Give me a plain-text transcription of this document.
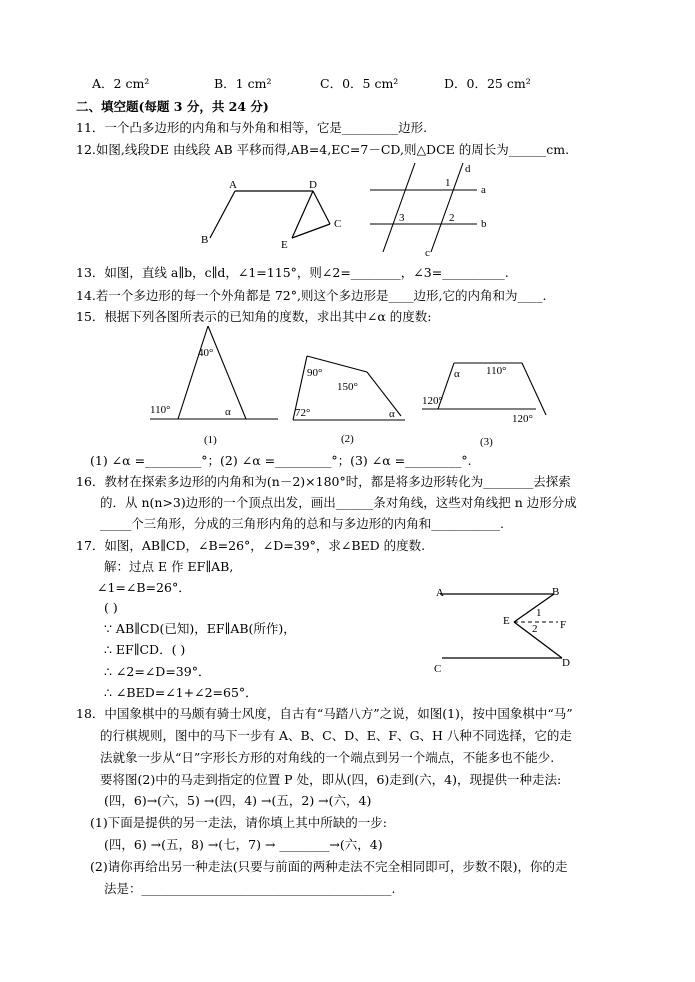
A．2 cm²	B．1 cm²	C．0．5 cm²	D．0．25 cm²
二、填空题(每题 3 分，共 24 分)
11．一个凸多边形的内角和与外角和相等，它是_________边形.
12.如图,线段DE 由线段 AB 平移而得,AB=4,EC=7－CD,则△DCE 的周长为______cm.
A	D
B	E
C
d
a
b
c
1
2
3
13．如图，直线 a∥b，c∥d，∠1=115°，则∠2=________，∠3=__________.
14.若一个多边形的每一个外角都是 72°,则这个多边形是____边形,它的内角和为____.
15．根据下列各图所表示的已知角的度数，求出其中∠α 的度数:
40°
110°	α
(1)
90°
150°
72°	α
(2)
α 110°
120°
120°
(3)
(1) ∠α =_________°；(2) ∠α =_________°；(3) ∠α =_________°.
16．教材在探索多边形的内角和为(n－2)×180°时，都是将多边形转化为________去探索
的．从 n(n>3)边形的一个顶点出发，画出______条对角线，这些对角线把 n 边形分成
_____个三角形，分成的三角形内角的总和与多边形的内角和___________.
17．如图，AB∥CD，∠B=26°，∠D=39°，求∠BED 的度数.
解：过点 E 作 EF∥AB,
∠1=∠B=26°．
( )
∵ AB∥CD(已知)，EF∥AB(所作)，
∴ EF∥CD．( )
∴ ∠2=∠D=39°．
∴ ∠BED=∠1+∠2=65°．
A	B
E	F
C	D
1
2
18．中国象棋中的马颇有骑士风度，自古有“马踏八方”之说，如图(1)，按中国象棋中“马”
的行棋规则，图中的马下一步有 A、B、C、D、E、F、G、H 八种不同选择，它的走
法就象一步从“日”字形长方形的对角线的一个端点到另一个端点，不能多也不能少.
要将图(2)中的马走到指定的位置 P 处，即从(四，6)走到(六，4)，现提供一种走法:
(四，6)→(六，5) →(四，4) →(五，2) →(六，4)
(1)下面是提供的另一走法，请你填上其中所缺的一步:
(四，6) →(五，8) →(七，7) → ________→(六，4)
(2)请你再给出另一种走法(只要与前面的两种走法不完全相同即可，步数不限)，你的走
法是：________________________________________.
